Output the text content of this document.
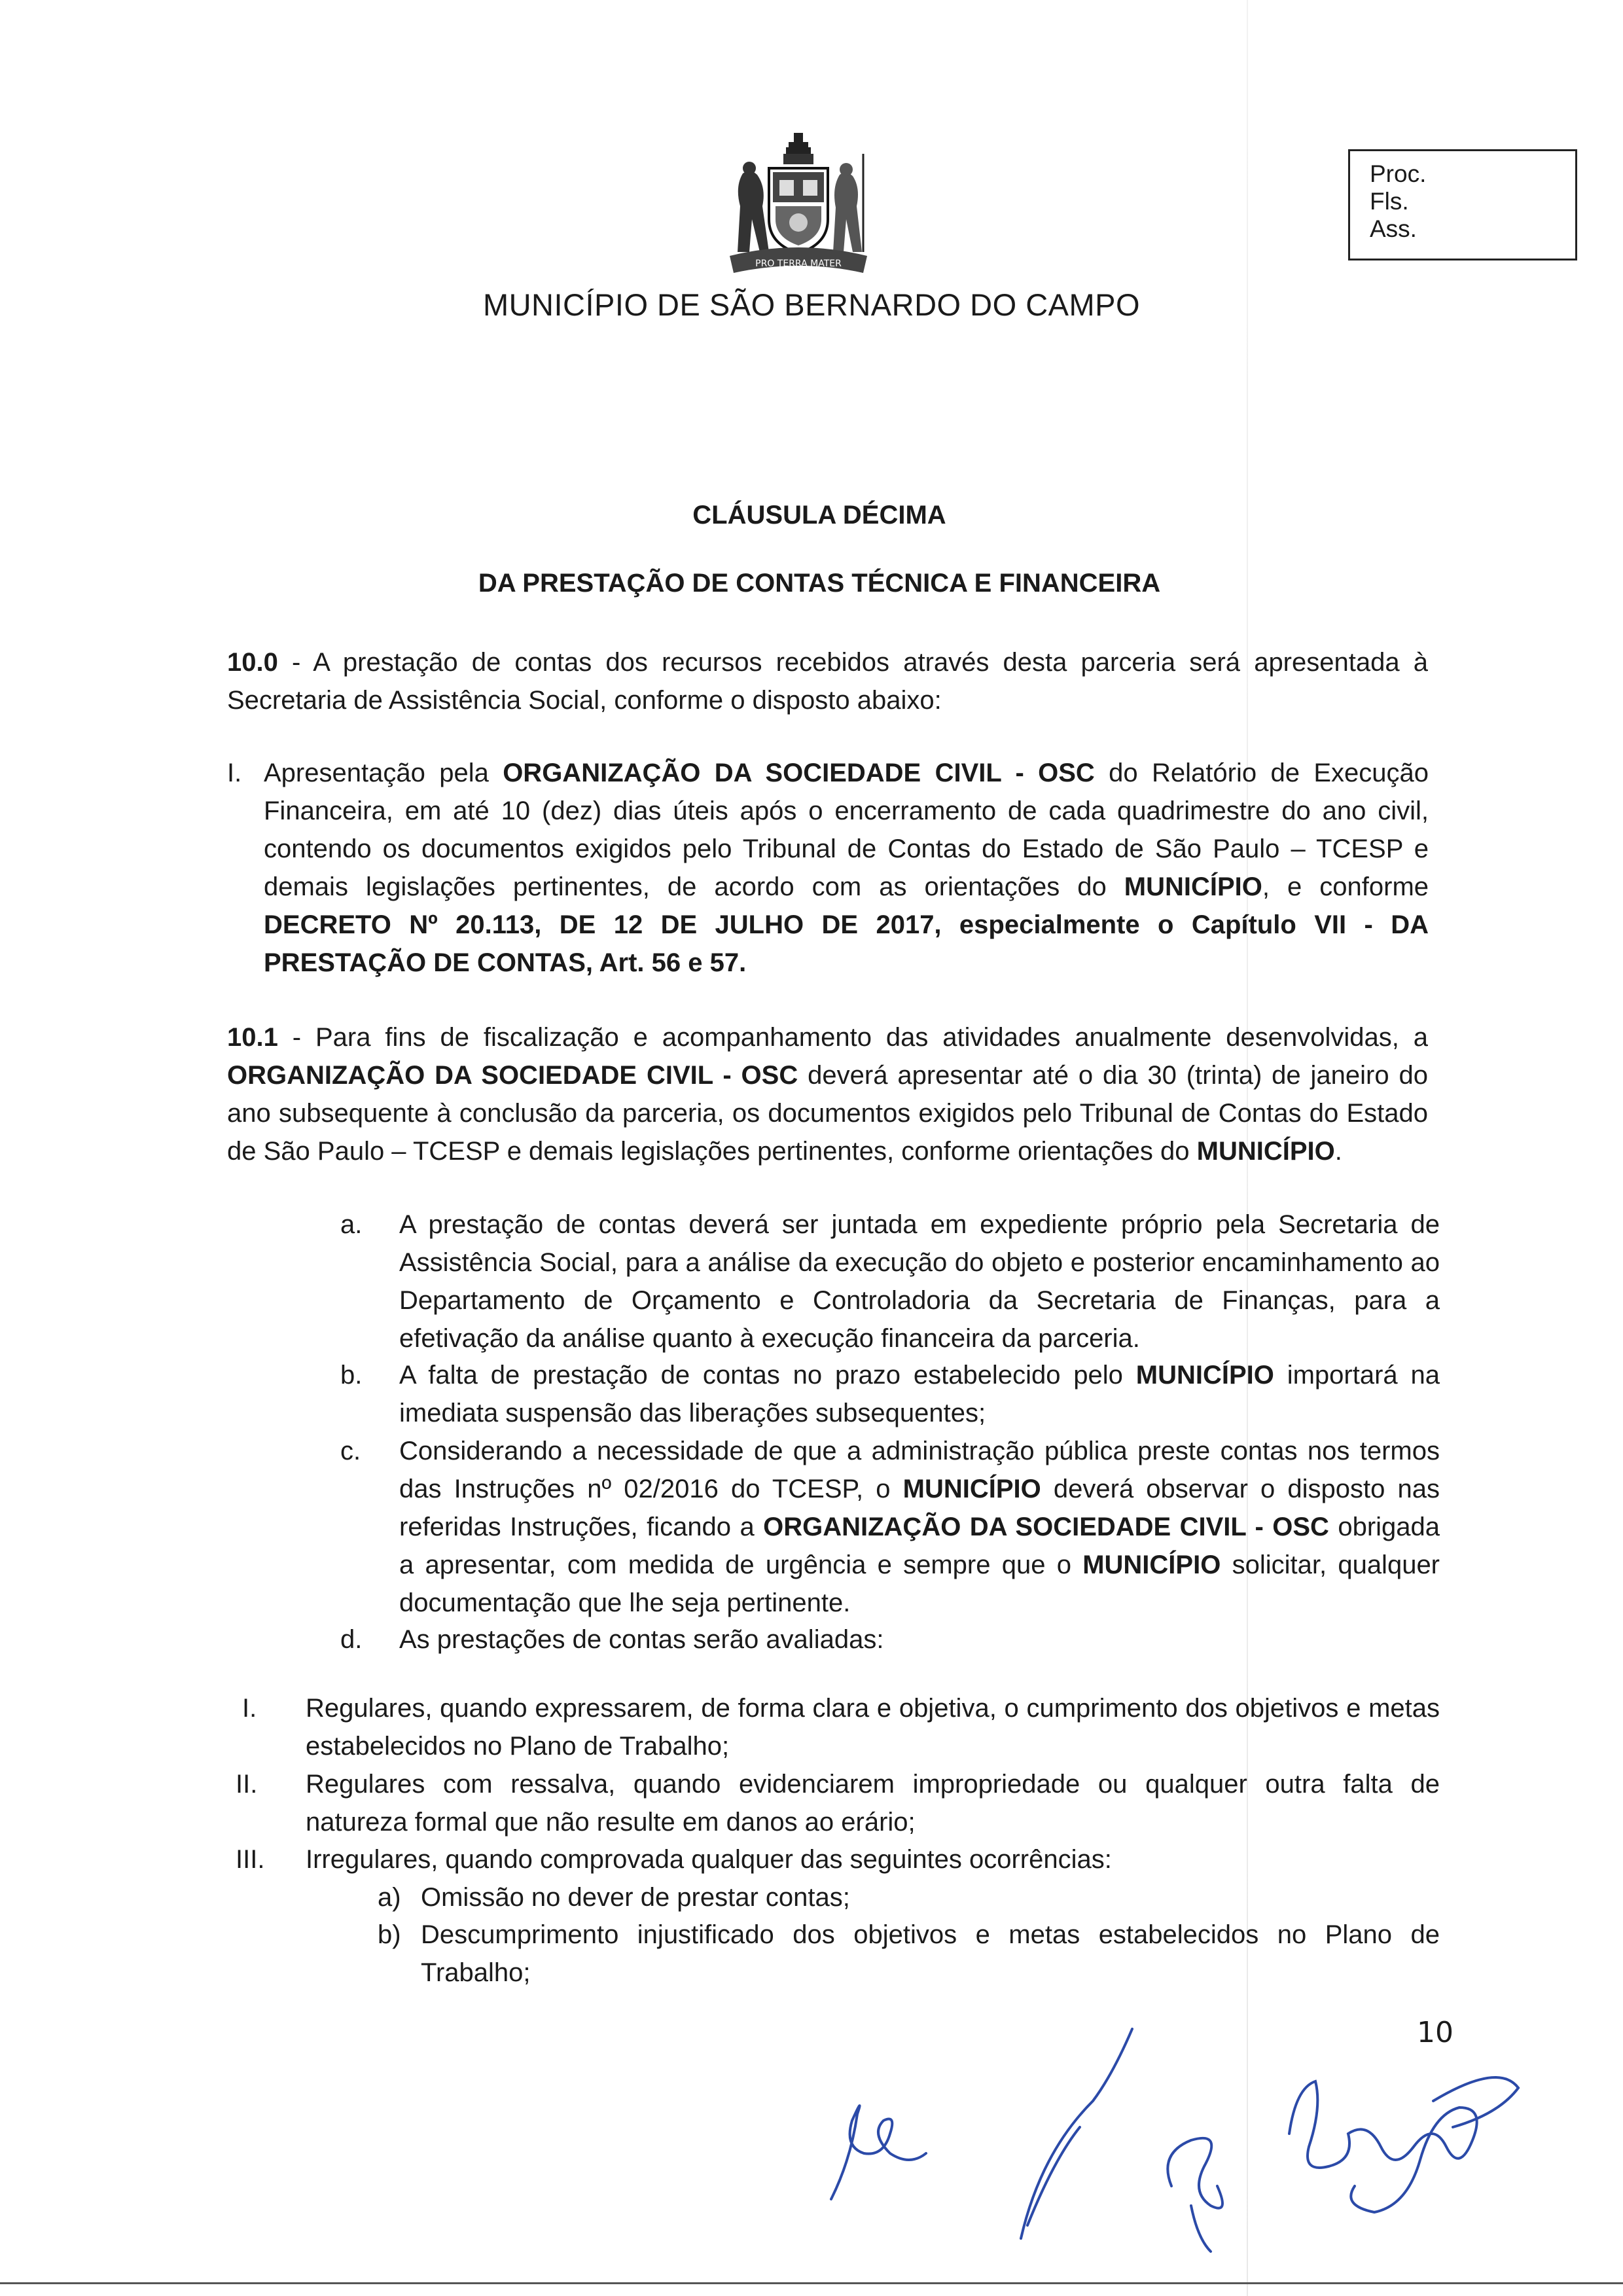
PRO TERRA MATER
MUNICÍPIO DE SÃO BERNARDO DO CAMPO
Proc.
Fls.
Ass.
CLÁUSULA DÉCIMA
DA PRESTAÇÃO DE CONTAS TÉCNICA E FINANCEIRA
10.0 - A prestação de contas dos recursos recebidos através desta parceria será apresentada à Secretaria de Assistência Social, conforme o disposto abaixo:
I. Apresentação pela ORGANIZAÇÃO DA SOCIEDADE CIVIL - OSC do Relatório de Execução Financeira, em até 10 (dez) dias úteis após o encerramento de cada quadrimestre do ano civil, contendo os documentos exigidos pelo Tribunal de Contas do Estado de São Paulo – TCESP e demais legislações pertinentes, de acordo com as orientações do MUNICÍPIO, e conforme DECRETO Nº 20.113, DE 12 DE JULHO DE 2017, especialmente o Capítulo VII - DA PRESTAÇÃO DE CONTAS, Art. 56 e 57.
10.1 - Para fins de fiscalização e acompanhamento das atividades anualmente desenvolvidas, a ORGANIZAÇÃO DA SOCIEDADE CIVIL - OSC deverá apresentar até o dia 30 (trinta) de janeiro do ano subsequente à conclusão da parceria, os documentos exigidos pelo Tribunal de Contas do Estado de São Paulo – TCESP e demais legislações pertinentes, conforme orientações do MUNICÍPIO.
a. A prestação de contas deverá ser juntada em expediente próprio pela Secretaria de Assistência Social, para a análise da execução do objeto e posterior encaminhamento ao Departamento de Orçamento e Controladoria da Secretaria de Finanças, para a efetivação da análise quanto à execução financeira da parceria.
b. A falta de prestação de contas no prazo estabelecido pelo MUNICÍPIO importará na imediata suspensão das liberações subsequentes;
c. Considerando a necessidade de que a administração pública preste contas nos termos das Instruções nº 02/2016 do TCESP, o MUNICÍPIO deverá observar o disposto nas referidas Instruções, ficando a ORGANIZAÇÃO DA SOCIEDADE CIVIL - OSC obrigada a apresentar, com medida de urgência e sempre que o MUNICÍPIO solicitar, qualquer documentação que lhe seja pertinente.
d. As prestações de contas serão avaliadas:
I. Regulares, quando expressarem, de forma clara e objetiva, o cumprimento dos objetivos e metas estabelecidos no Plano de Trabalho;
II. Regulares com ressalva, quando evidenciarem impropriedade ou qualquer outra falta de natureza formal que não resulte em danos ao erário;
III. Irregulares, quando comprovada qualquer das seguintes ocorrências:
a) Omissão no dever de prestar contas;
b) Descumprimento injustificado dos objetivos e metas estabelecidos no Plano de Trabalho;
10
